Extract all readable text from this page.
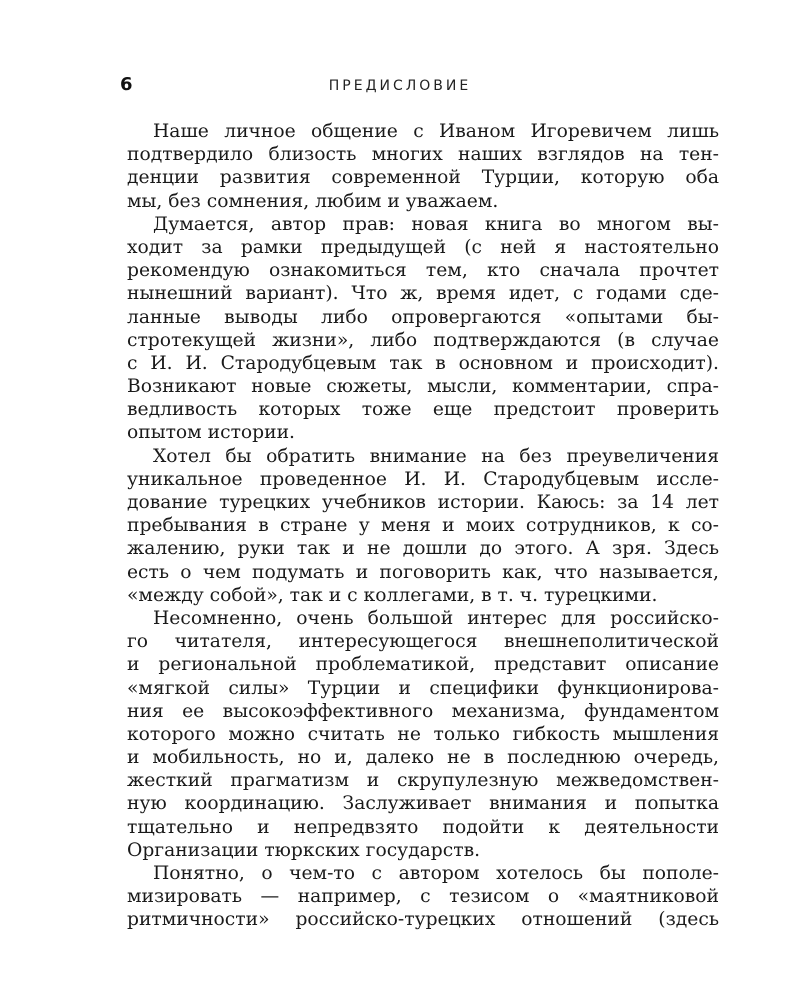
6	ПРЕДИСЛОВИЕ
Наше личное общение с Иваном Игоревичем лишь
подтвердило близость многих наших взглядов на тен-
денции развития современной Турции, которую оба
мы, без сомнения, любим и уважаем.
Думается, автор прав: новая книга во многом вы-
ходит за рамки предыдущей (с ней я настоятельно
рекомендую ознакомиться тем, кто сначала прочтет
нынешний вариант). Что ж, время идет, с годами сде-
ланные выводы либо опровергаются «опытами бы-
стротекущей жизни», либо подтверждаются (в случае
с И. И. Стародубцевым так в основном и происходит).
Возникают новые сюжеты, мысли, комментарии, спра-
ведливость которых тоже еще предстоит проверить
опытом истории.
Хотел бы обратить внимание на без преувеличения
уникальное проведенное И. И. Стародубцевым иссле-
дование турецких учебников истории. Каюсь: за 14 лет
пребывания в стране у меня и моих сотрудников, к со-
жалению, руки так и не дошли до этого. А зря. Здесь
есть о чем подумать и поговорить как, что называется,
«между собой», так и с коллегами, в т. ч. турецкими.
Несомненно, очень большой интерес для российско-
го читателя, интересующегося внешнеполитической
и региональной проблематикой, представит описание
«мягкой силы» Турции и специфики функционирова-
ния ее высокоэффективного механизма, фундаментом
которого можно считать не только гибкость мышления
и мобильность, но и, далеко не в последнюю очередь,
жесткий прагматизм и скрупулезную межведомствен-
ную координацию. Заслуживает внимания и попытка
тщательно и непредвзято подойти к деятельности
Организации тюркских государств.
Понятно, о чем-то с автором хотелось бы пополе-
мизировать — например, с тезисом о «маятниковой
ритмичности» российско-турецких отношений (здесь
